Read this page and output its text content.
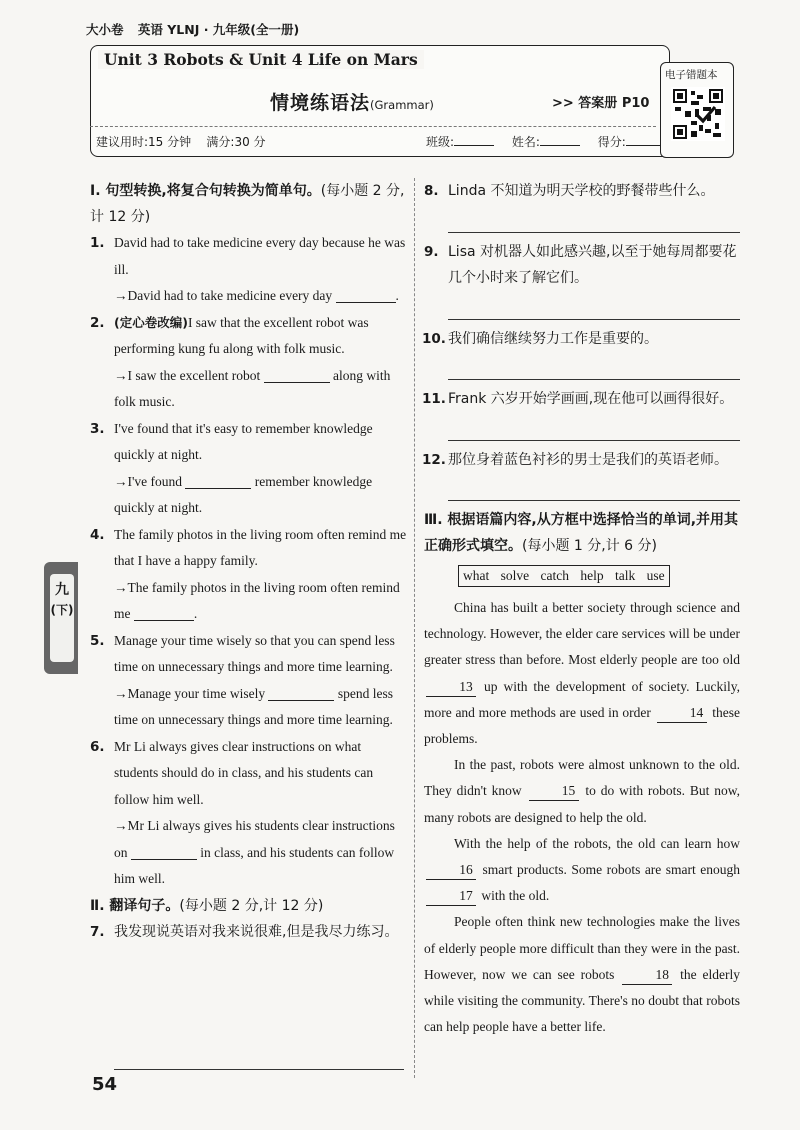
大小卷 英语 YLNJ · 九年级(全一册)
Unit 3 Robots & Unit 4 Life on Mars
情境练语法(Grammar)	>> 答案册 P10
建议用时:15 分钟 满分:30 分	班级:	姓名:	得分:
电子错题本
Ⅰ. 句型转换,将复合句转换为简单句。(每小题 2 分,计 12 分)
1. David had to take medicine every day because he was ill.
→David had to take medicine every day	.
2. (定心卷改编)I saw that the excellent robot was performing kung fu along with folk music.
→I saw the excellent robot	along with folk music.
3. I've found that it's easy to remember knowledge quickly at night.
→I've found	remember knowledge quickly at night.
4. The family photos in the living room often remind me that I have a happy family.
→The family photos in the living room often remind me	.
5. Manage your time wisely so that you can spend less time on unnecessary things and more time learning.
→Manage your time wisely	spend less time on unnecessary things and more time learning.
6. Mr Li always gives clear instructions on what students should do in class, and his students can follow him well.
→Mr Li always gives his students clear instructions on	in class, and his students can follow him well.
Ⅱ. 翻译句子。(每小题 2 分,计 12 分)
7. 我发现说英语对我来说很难,但是我尽力练习。
8. Linda 不知道为明天学校的野餐带些什么。
9. Lisa 对机器人如此感兴趣,以至于她每周都要花几个小时来了解它们。
10. 我们确信继续努力工作是重要的。
11. Frank 六岁开始学画画,现在他可以画得很好。
12. 那位身着蓝色衬衫的男士是我们的英语老师。
Ⅲ. 根据语篇内容,从方框中选择恰当的单词,并用其正确形式填空。(每小题 1 分,计 6 分)
what solve catch help talk use

China has built a better society through science and technology. However, the elder care services will be under greater stress than before. Most elderly people are too old 13 up with the development of society. Luckily, more and more methods are used in order	14 these problems.

In the past, robots were almost unknown to the old. They didn't know	15 to do with robots. But now, many robots are designed to help the old.

With the help of the robots, the old can learn how 16 smart products. Some robots are smart enough 17 with the old.

People often think new technologies make the lives of elderly people more difficult than they were in the past. However, now we can see robots	18 the elderly while visiting the community. There's no doubt that robots can help people have a better life.

54
九
(下)
